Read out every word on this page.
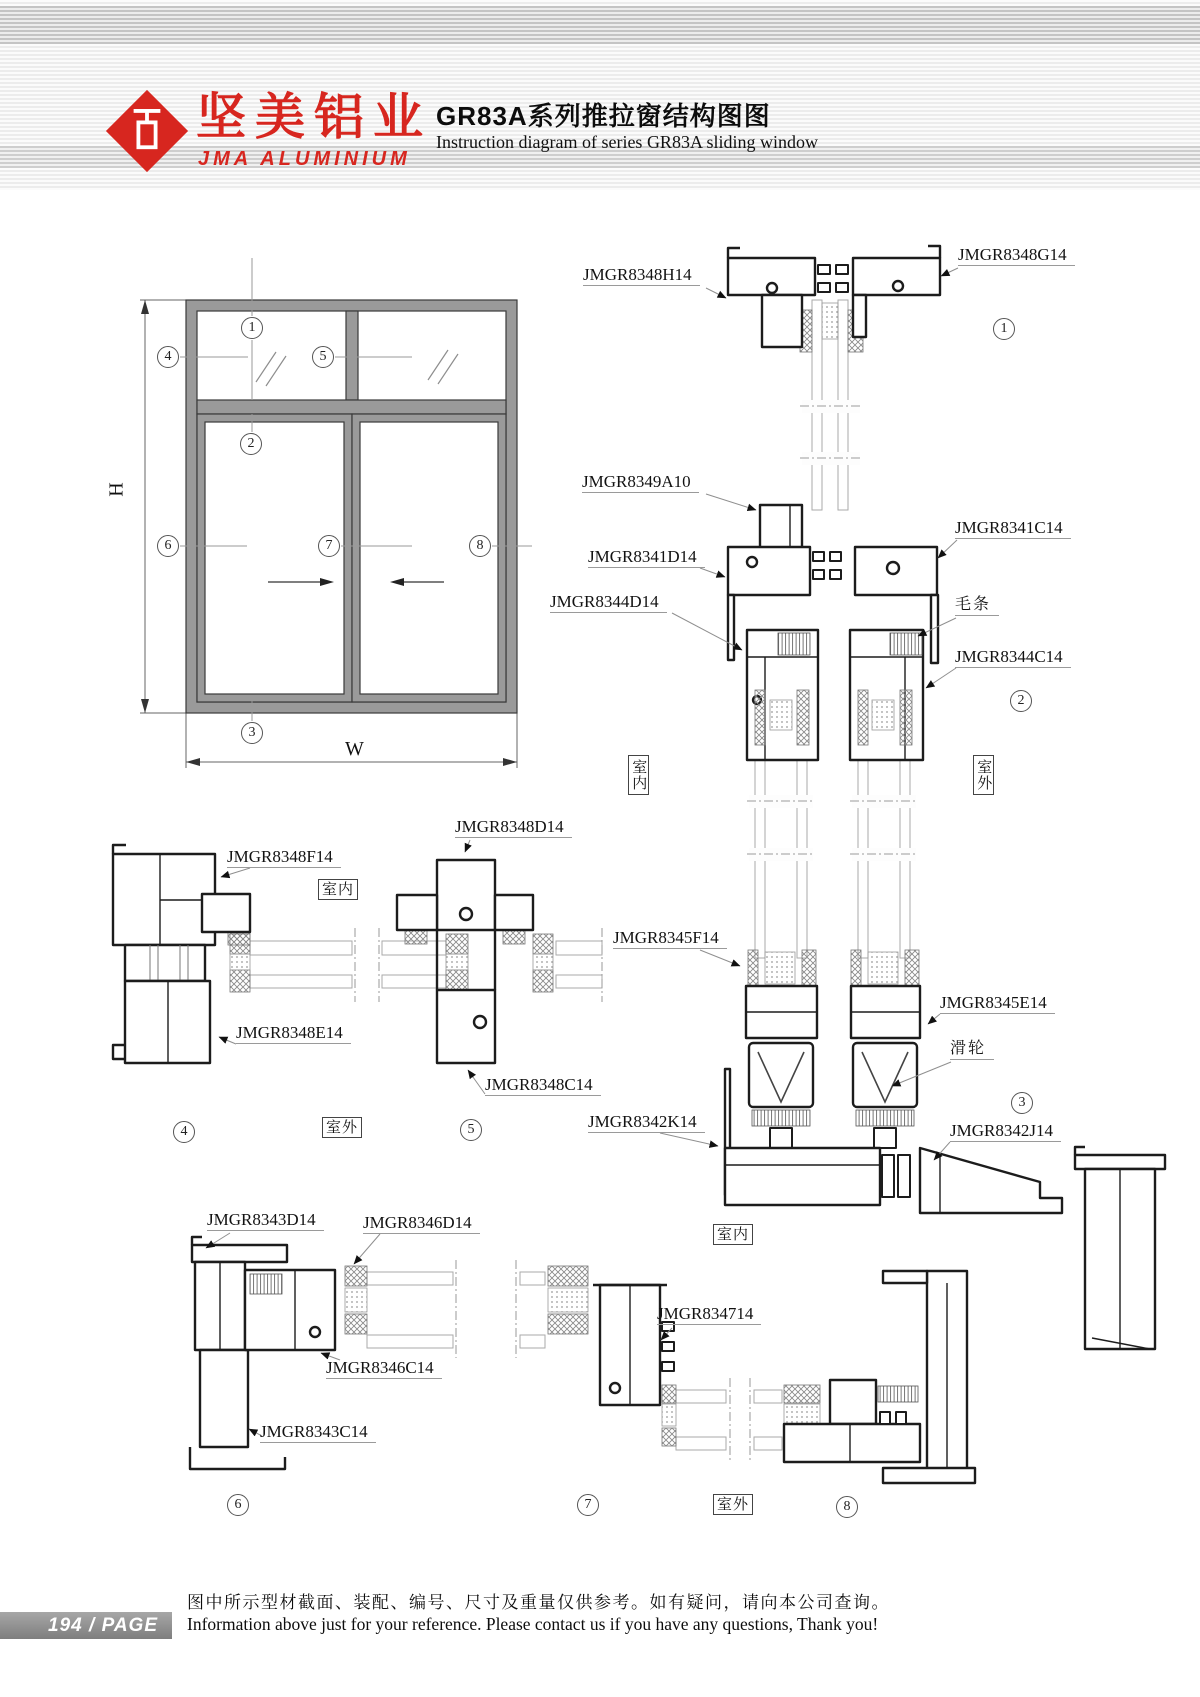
坚美铝业
JMA ALUMINIUM
GR83A系列推拉窗结构图图
Instruction diagram of series GR83A sliding window
H
W
1
4	5
2
6	7	8
3
1
2
3
4	5
6	7	8
室内	室外
室内
室外
室内
室外
JMGR8348H14
JMGR8348G14
JMGR8349A10
JMGR8341D14
JMGR8344D14
JMGR8341C14
毛条
JMGR8344C14
JMGR8348F14
JMGR8348D14
JMGR8348E14
JMGR8348C14
JMGR8345F14
JMGR8345E14
滑轮
JMGR8342K14	JMGR8342J14
JMGR8343D14	JMGR8346D14
JMGR8346C14
JMGR8343C14
JMGR834714
194 / PAGE
图中所示型材截面、装配、编号、尺寸及重量仅供参考。如有疑问，请向本公司查询。
Information above just for your reference. Please contact us if you have any questions, Thank you!
